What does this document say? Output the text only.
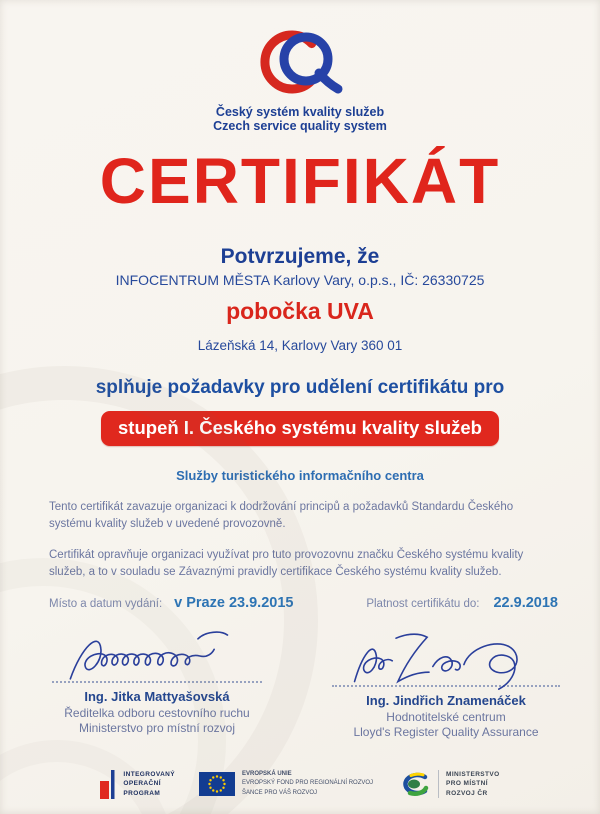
Český systém kvality služeb
Czech service quality system
CERTIFIKÁT
Potvrzujeme, že
INFOCENTRUM MĚSTA Karlovy Vary, o.p.s., IČ: 26330725
pobočka UVA
Lázeňská 14, Karlovy Vary 360 01
splňuje požadavky pro udělení certifikátu pro
stupeň I. Českého systému kvality služeb
Služby turistického informačního centra
Tento certifikát zavazuje organizaci k dodržování principů a požadavků Standardu Českého systému kvality služeb v uvedené provozovně.
Certifikát opravňuje organizaci využívat pro tuto provozovnu značku Českého systému kvality služeb, a to v souladu se Závaznými pravidly certifikace Českého systému kvality služeb.
Místo a datum vydání: v Praze 23.9.2015	Platnost certifikátu do: 22.9.2018
Ing. Jitka Mattyašovská
Ředitelka odboru cestovního ruchu
Ministerstvo pro místní rozvoj
Ing. Jindřich Znamenáček
Hodnotitelské centrum
Lloyd's Register Quality Assurance
INTEGROVANÝ
OPERAČNÍ
PROGRAM
EVROPSKÁ UNIE
EVROPSKÝ FOND PRO REGIONÁLNÍ ROZVOJ
ŠANCE PRO VÁŠ ROZVOJ
MINISTERSTVO
PRO MÍSTNÍ
ROZVOJ ČR
